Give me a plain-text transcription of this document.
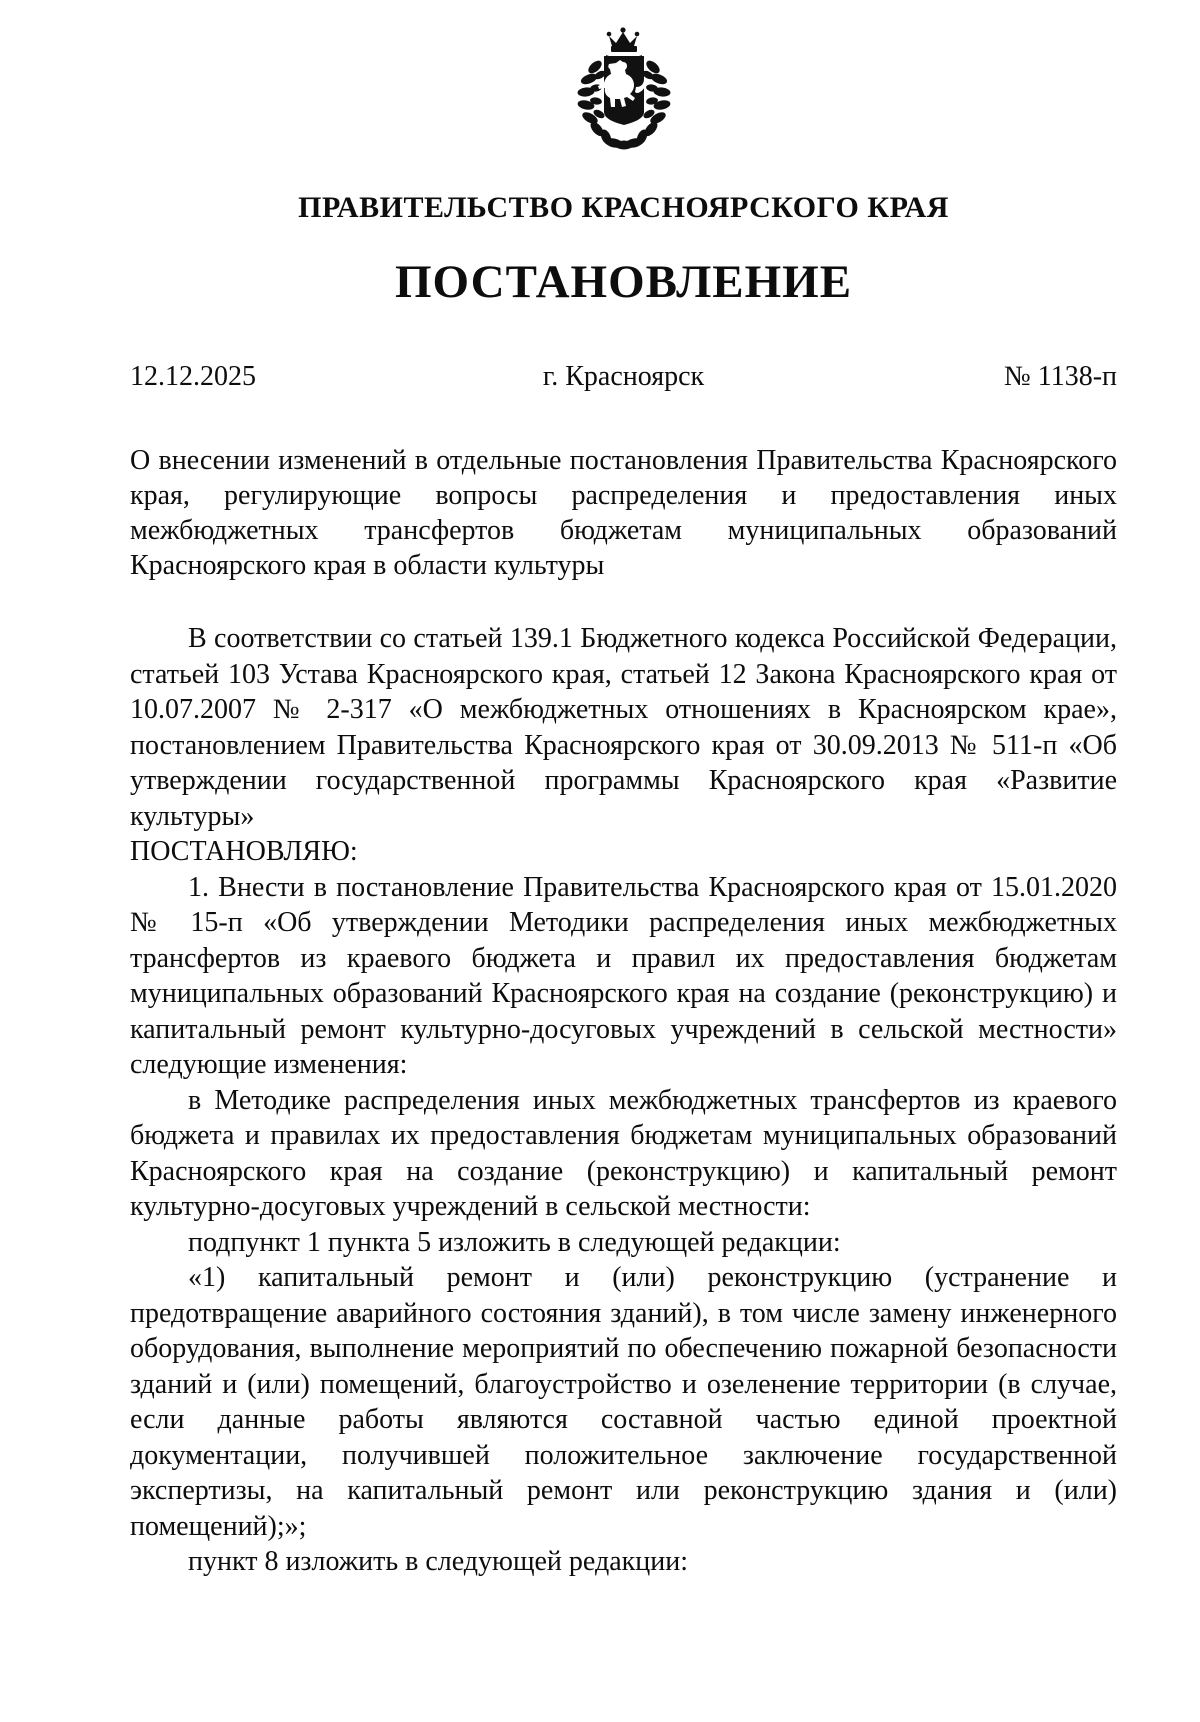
ПРАВИТЕЛЬСТВО КРАСНОЯРСКОГО КРАЯ
ПОСТАНОВЛЕНИЕ
12.12.2025	г. Красноярск	№ 1138-п

О внесении изменений в отдельные постановления Правительства Красноярского края, регулирующие вопросы распределения и предоставления иных межбюджетных трансфертов бюджетам муниципальных образований Красноярского края в области культуры

В соответствии со статьей 139.1 Бюджетного кодекса Российской Федерации, статьей 103 Устава Красноярского края, статьей 12 Закона Красноярского края от 10.07.2007 № 2-317 «О межбюджетных отношениях в Красноярском крае», постановлением Правительства Красноярского края от 30.09.2013 № 511-п «Об утверждении государственной программы Красноярского края «Развитие культуры»

ПОСТАНОВЛЯЮ:

1. Внести в постановление Правительства Красноярского края от 15.01.2020 № 15-п «Об утверждении Методики распределения иных межбюджетных трансфертов из краевого бюджета и правил их предоставления бюджетам муниципальных образований Красноярского края на создание (реконструкцию) и капитальный ремонт культурно-досуговых учреждений в сельской местности» следующие изменения:

в Методике распределения иных межбюджетных трансфертов из краевого бюджета и правилах их предоставления бюджетам муниципальных образований Красноярского края на создание (реконструкцию) и капитальный ремонт культурно-досуговых учреждений в сельской местности:

подпункт 1 пункта 5 изложить в следующей редакции:

«1) капитальный ремонт и (или) реконструкцию (устранение и предотвращение аварийного состояния зданий), в том числе замену инженерного оборудования, выполнение мероприятий по обеспечению пожарной безопасности зданий и (или) помещений, благоустройство и озеленение территории (в случае, если данные работы являются составной частью единой проектной документации, получившей положительное заключение государственной экспертизы, на капитальный ремонт или реконструкцию здания и (или) помещений);»;

пункт 8 изложить в следующей редакции:
